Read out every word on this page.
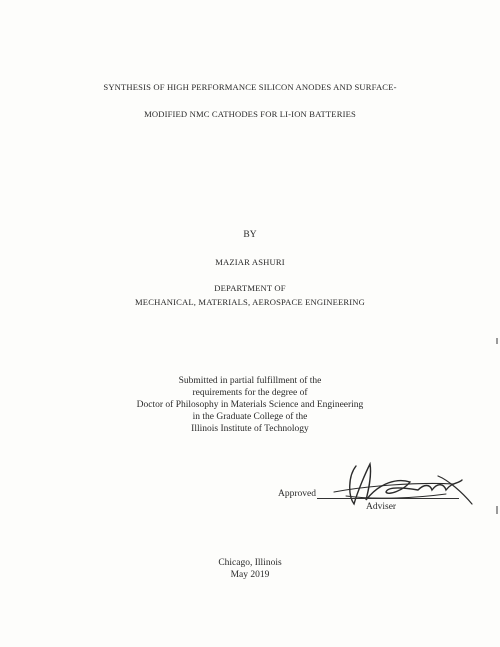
SYNTHESIS OF HIGH PERFORMANCE SILICON ANODES AND SURFACE-
MODIFIED NMC CATHODES FOR LI-ION BATTERIES
BY
MAZIAR ASHURI
DEPARTMENT OF
MECHANICAL, MATERIALS, AEROSPACE ENGINEERING
Submitted in partial fulfillment of the
requirements for the degree of
Doctor of Philosophy in Materials Science and Engineering
in the Graduate College of the
Illinois Institute of Technology
Approved
Adviser
Chicago, Illinois
May 2019
